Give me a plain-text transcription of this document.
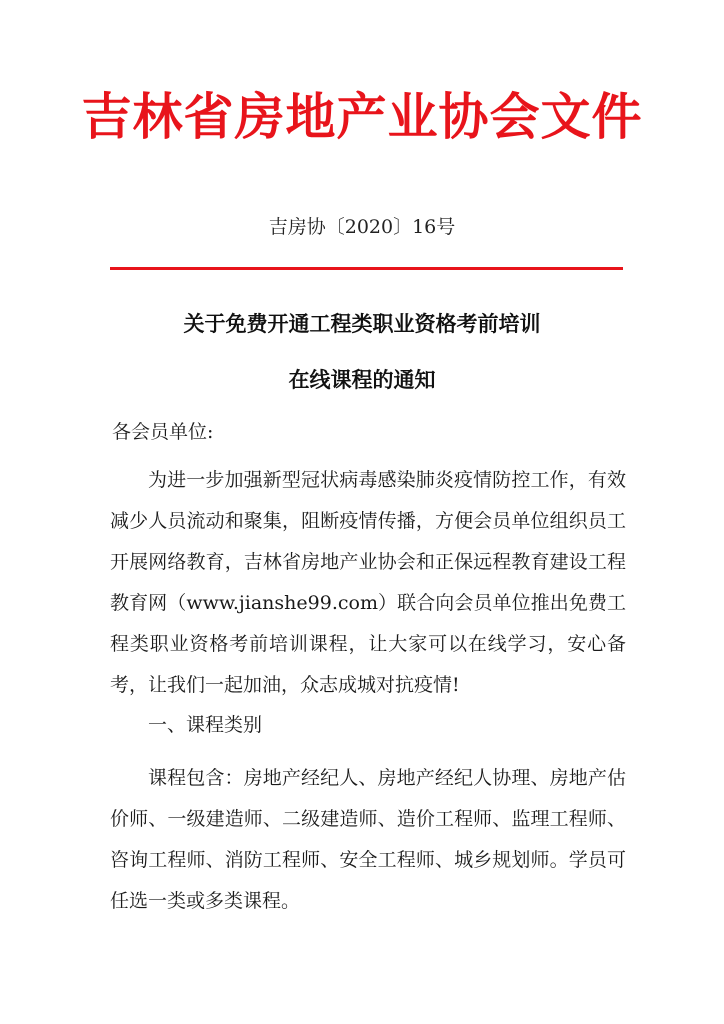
吉林省房地产业协会文件
吉房协〔2020〕16号
关于免费开通工程类职业资格考前培训
在线课程的通知
各会员单位:
为进一步加强新型冠状病毒感染肺炎疫情防控工作，有效减少人员流动和聚集，阻断疫情传播，方便会员单位组织员工开展网络教育，吉林省房地产业协会和正保远程教育建设工程教育网（www.jianshe99.com）联合向会员单位推出免费工程类职业资格考前培训课程，让大家可以在线学习，安心备考，让我们一起加油，众志成城对抗疫情!
一、课程类别
课程包含：房地产经纪人、房地产经纪人协理、房地产估价师、一级建造师、二级建造师、造价工程师、监理工程师、咨询工程师、消防工程师、安全工程师、城乡规划师。学员可任选一类或多类课程。
